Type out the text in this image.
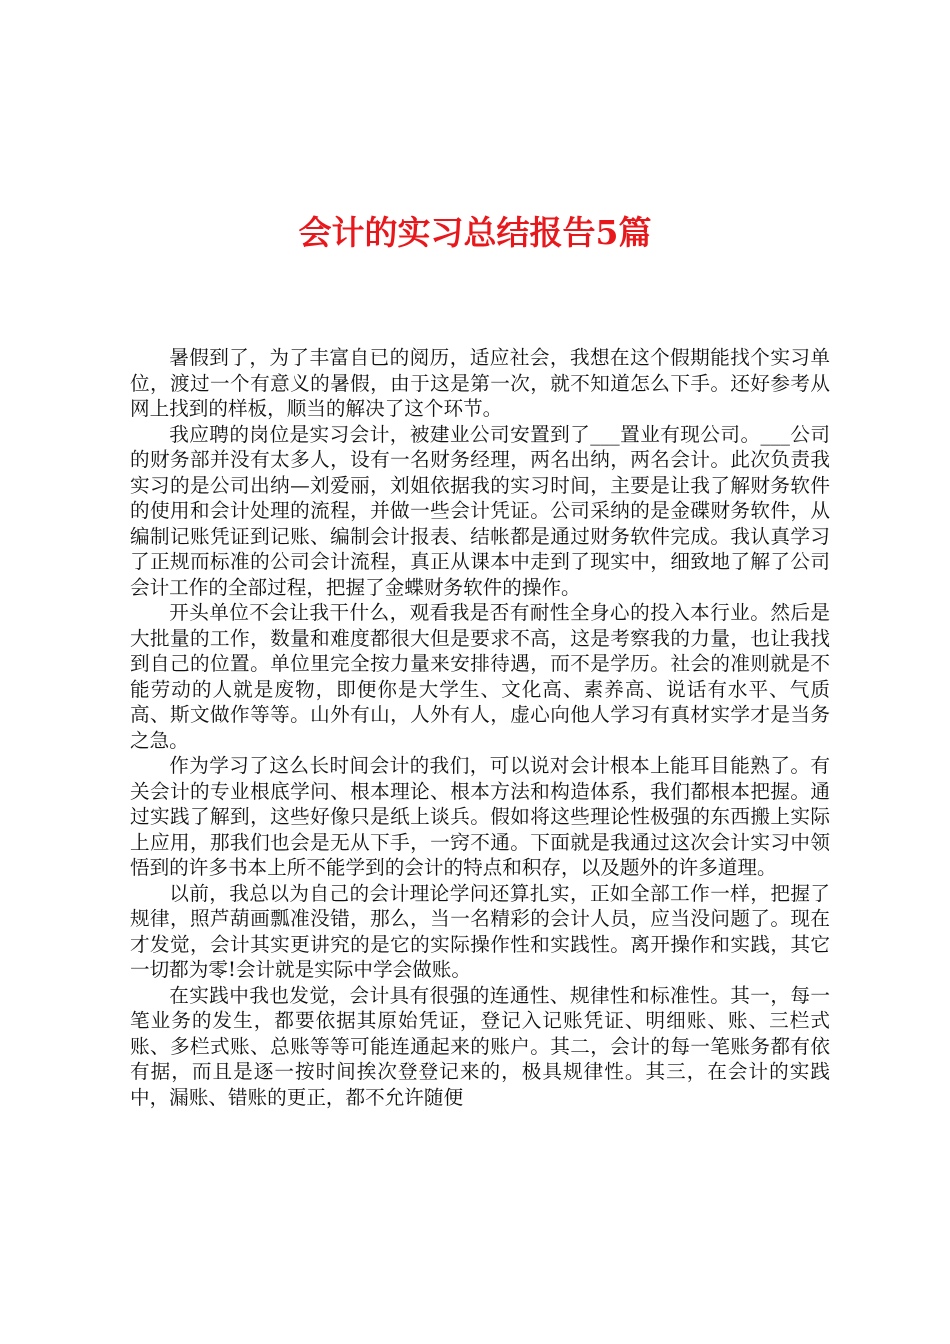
会计的实习总结报告5篇

暑假到了，为了丰富自已的阅历，适应社会，我想在这个假期能找个实习单位，渡过一个有意义的暑假，由于这是第一次，就不知道怎么下手。还好参考从网上找到的样板，顺当的解决了这个环节。

我应聘的岗位是实习会计，被建业公司安置到了___置业有现公司。___公司的财务部并没有太多人，设有一名财务经理，两名出纳，两名会计。此次负责我实习的是公司出纳—刘爱丽，刘姐依据我的实习时间，主要是让我了解财务软件的使用和会计处理的流程，并做一些会计凭证。公司采纳的是金碟财务软件，从编制记账凭证到记账、编制会计报表、结帐都是通过财务软件完成。我认真学习了正规而标准的公司会计流程，真正从课本中走到了现实中，细致地了解了公司会计工作的全部过程，把握了金蝶财务软件的操作。

开头单位不会让我干什么，观看我是否有耐性全身心的投入本行业。然后是大批量的工作，数量和难度都很大但是要求不高，这是考察我的力量，也让我找到自己的位置。单位里完全按力量来安排待遇，而不是学历。社会的准则就是不能劳动的人就是废物，即便你是大学生、文化高、素养高、说话有水平、气质高、斯文做作等等。山外有山，人外有人，虚心向他人学习有真材实学才是当务之急。

作为学习了这么长时间会计的我们，可以说对会计根本上能耳目能熟了。有关会计的专业根底学问、根本理论、根本方法和构造体系，我们都根本把握。通过实践了解到，这些好像只是纸上谈兵。假如将这些理论性极强的东西搬上实际上应用，那我们也会是无从下手，一窍不通。下面就是我通过这次会计实习中领悟到的许多书本上所不能学到的会计的特点和积存，以及题外的许多道理。

以前，我总以为自己的会计理论学问还算扎实，正如全部工作一样，把握了规律，照芦葫画瓢准没错，那么，当一名精彩的会计人员，应当没问题了。现在才发觉，会计其实更讲究的是它的实际操作性和实践性。离开操作和实践，其它一切都为零!会计就是实际中学会做账。

在实践中我也发觉，会计具有很强的连通性、规律性和标准性。其一，每一笔业务的发生，都要依据其原始凭证，登记入记账凭证、明细账、账、三栏式账、多栏式账、总账等等可能连通起来的账户。其二，会计的每一笔账务都有依有据，而且是逐一按时间挨次登登记来的，极具规律性。其三，在会计的实践中，漏账、错账的更正，都不允许随便
